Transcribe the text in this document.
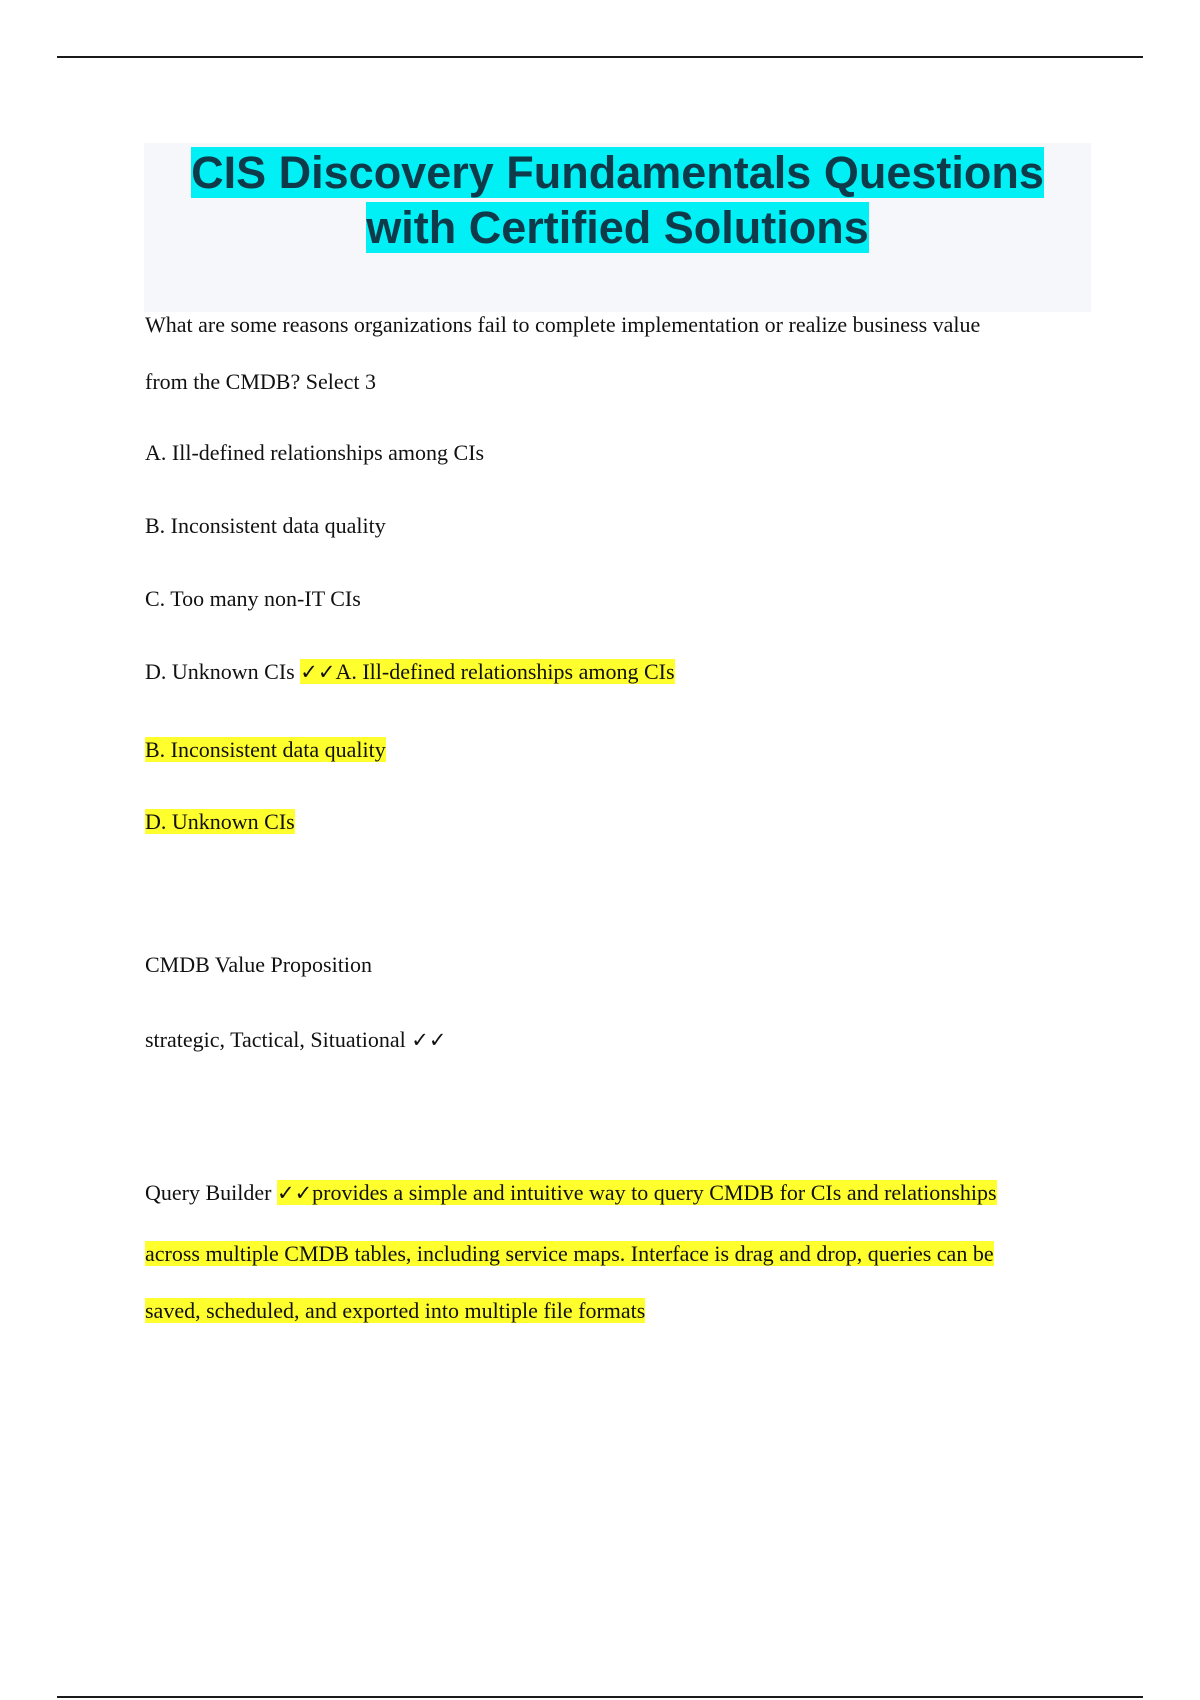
CIS Discovery Fundamentals Questions
with Certified Solutions

What are some reasons organizations fail to complete implementation or realize business value

from the CMDB? Select 3

A. Ill-defined relationships among CIs

B. Inconsistent data quality

C. Too many non-IT CIs

D. Unknown CIs ✓✓A. Ill-defined relationships among CIs

B. Inconsistent data quality

D. Unknown CIs

CMDB Value Proposition

strategic, Tactical, Situational ✓✓

Query Builder ✓✓provides a simple and intuitive way to query CMDB for CIs and relationships

across multiple CMDB tables, including service maps. Interface is drag and drop, queries can be

saved, scheduled, and exported into multiple file formats
